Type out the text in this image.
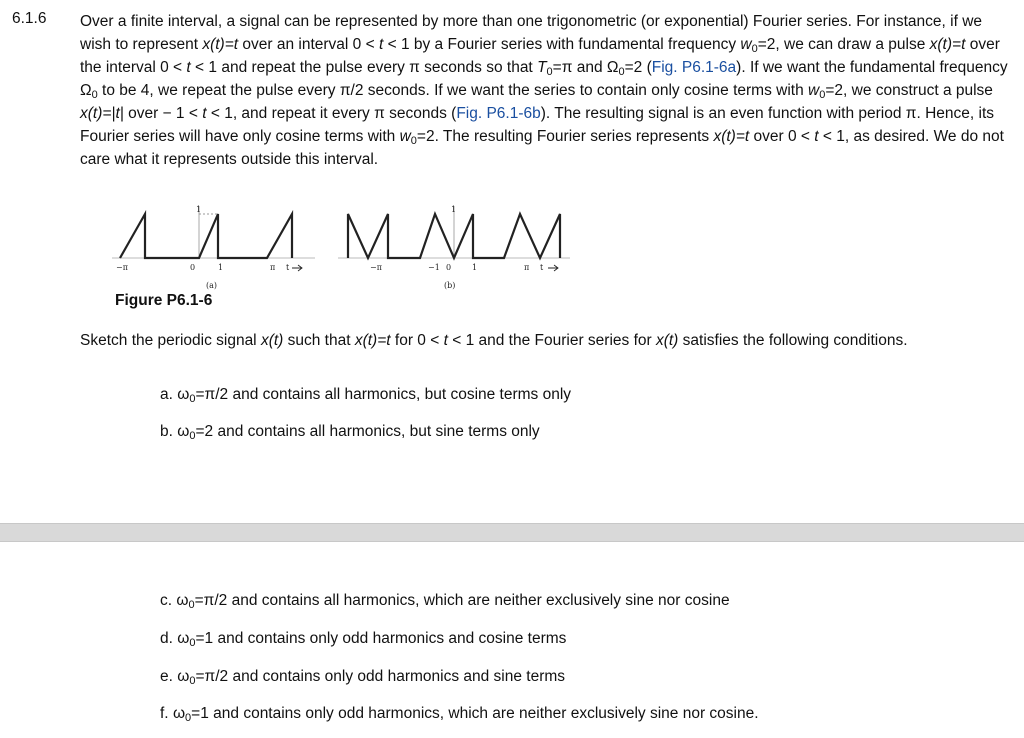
6.1.6 Over a finite interval, a signal can be represented by more than one trigonometric (or exponential) Fourier series. For instance, if we wish to represent x(t)=t over an interval 0 < t < 1 by a Fourier series with fundamental frequency $w_0=2$, we can draw a pulse x(t)=t over the interval 0 < t < 1 and repeat the pulse every π seconds so that $T_0=\pi$ and $\Omega_0=2$ (Fig. P6.1-6a). If we want the fundamental frequency $\Omega_0$ to be 4, we repeat the pulse every π/2 seconds. If we want the series to contain only cosine terms with $w_0=2$, we construct a pulse x(t)=|t| over − 1 < t < 1, and repeat it every π seconds (Fig. P6.1-6b). The resulting signal is an even function with period π. Hence, its Fourier series will have only cosine terms with $w_0=2$. The resulting Fourier series represents x(t)=t over 0 < t < 1, as desired. We do not care what it represents outside this interval.
1
−π	0	1	π t
(a)
1
−π	−1 0	1	π t
(b)
Figure P6.1-6
Sketch the periodic signal x(t) such that x(t)=t for 0 < t < 1 and the Fourier series for x(t) satisfies the following conditions.
a. $\omega_0=\pi/2$ and contains all harmonics, but cosine terms only
b. $\omega_0=2$ and contains all harmonics, but sine terms only
c. $\omega_0=\pi/2$ and contains all harmonics, which are neither exclusively sine nor cosine
d. $\omega_0=1$ and contains only odd harmonics and cosine terms
e. $\omega_0=\pi/2$ and contains only odd harmonics and sine terms
f. $\omega_0=1$ and contains only odd harmonics, which are neither exclusively sine nor cosine.
